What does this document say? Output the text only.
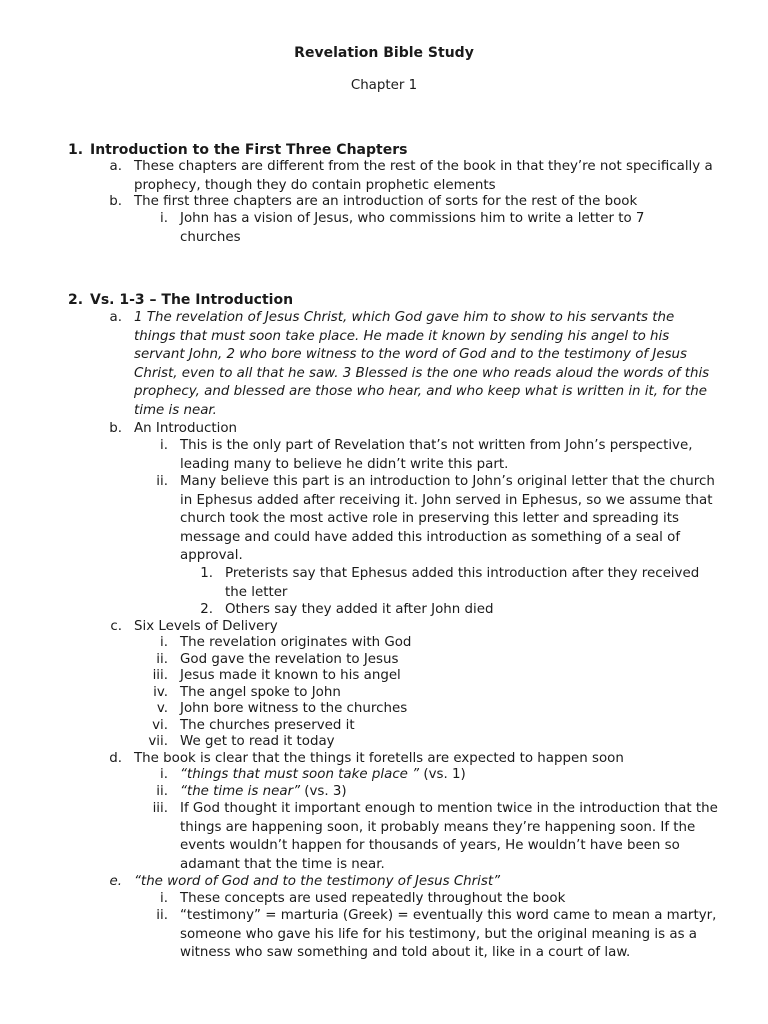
Revelation Bible Study
Chapter 1
1. Introduction to the First Three Chapters
a. These chapters are different from the rest of the book in that they’re not specifically a prophecy, though they do contain prophetic elements
b. The first three chapters are an introduction of sorts for the rest of the book
i. John has a vision of Jesus, who commissions him to write a letter to 7 churches
2. Vs. 1-3 – The Introduction
a. 1 The revelation of Jesus Christ, which God gave him to show to his servants the things that must soon take place. He made it known by sending his angel to his servant John, 2 who bore witness to the word of God and to the testimony of Jesus Christ, even to all that he saw. 3 Blessed is the one who reads aloud the words of this prophecy, and blessed are those who hear, and who keep what is written in it, for the time is near.
b. An Introduction
i. This is the only part of Revelation that’s not written from John’s perspective, leading many to believe he didn’t write this part.
ii. Many believe this part is an introduction to John’s original letter that the church in Ephesus added after receiving it. John served in Ephesus, so we assume that church took the most active role in preserving this letter and spreading its message and could have added this introduction as something of a seal of approval.
1. Preterists say that Ephesus added this introduction after they received the letter
2. Others say they added it after John died
c. Six Levels of Delivery
i. The revelation originates with God
ii. God gave the revelation to Jesus
iii. Jesus made it known to his angel
iv. The angel spoke to John
v. John bore witness to the churches
vi. The churches preserved it
vii. We get to read it today
d. The book is clear that the things it foretells are expected to happen soon
i. “things that must soon take place ” (vs. 1)
ii. “the time is near” (vs. 3)
iii. If God thought it important enough to mention twice in the introduction that the things are happening soon, it probably means they’re happening soon. If the events wouldn’t happen for thousands of years, He wouldn’t have been so adamant that the time is near.
e. “the word of God and to the testimony of Jesus Christ”
i. These concepts are used repeatedly throughout the book
ii. “testimony” = marturia (Greek) = eventually this word came to mean a martyr, someone who gave his life for his testimony, but the original meaning is as a witness who saw something and told about it, like in a court of law.
